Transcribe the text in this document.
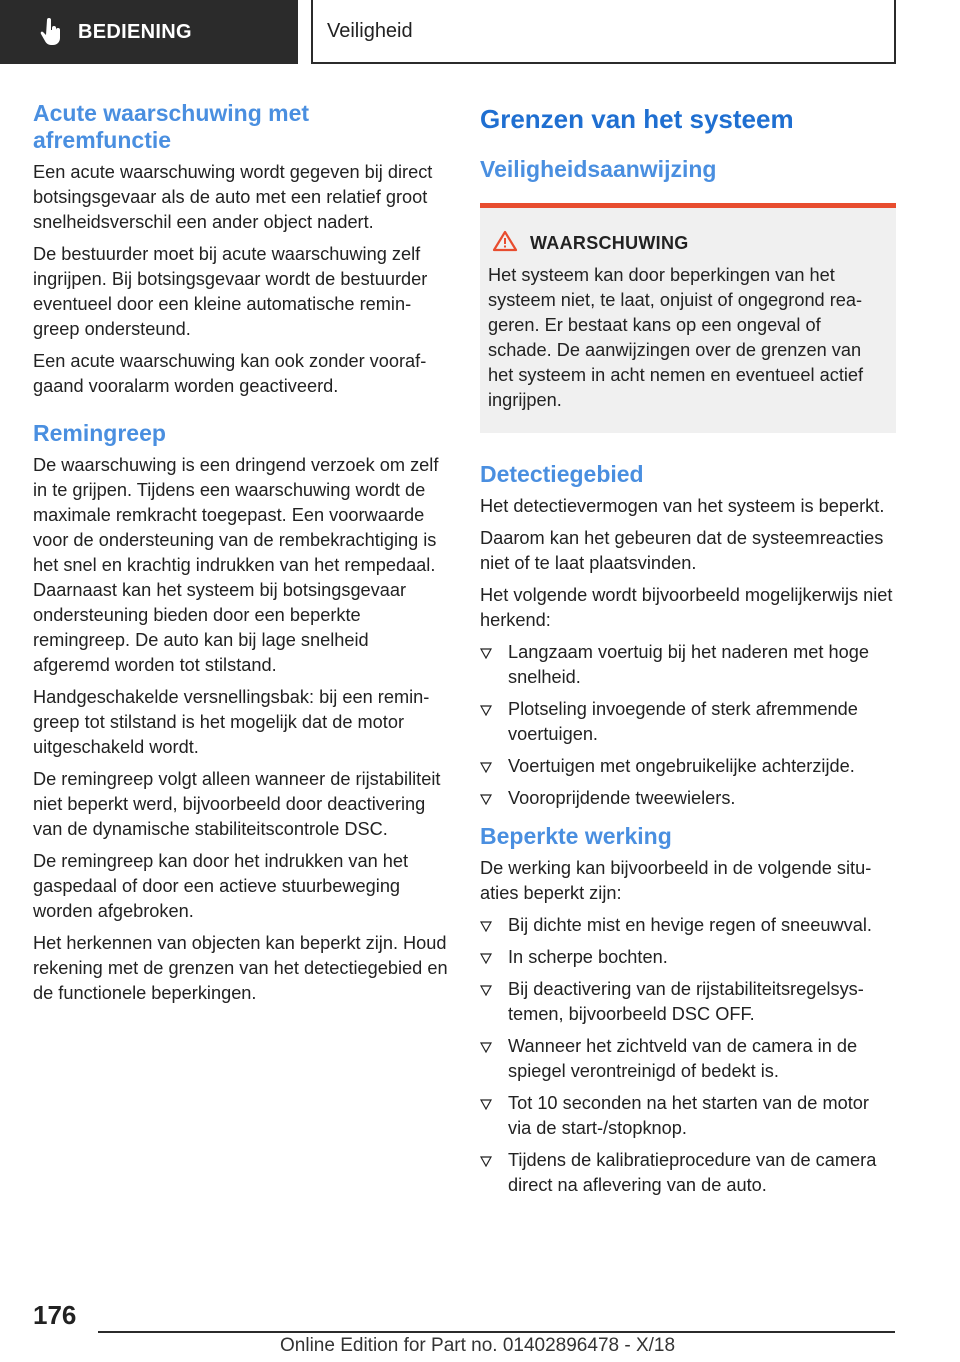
BEDIENING	Veiligheid
Acute waarschuwing met afremfunctie

Een acute waarschuwing wordt gegeven bij direct botsingsgevaar als de auto met een relatief groot snelheidsverschil een ander object nadert.

De bestuurder moet bij acute waarschuwing zelf ingrijpen. Bij botsingsgevaar wordt de bestuurder eventueel door een kleine automatische remingreep ondersteund.

Een acute waarschuwing kan ook zonder voorafgaand vooralarm worden geactiveerd.

Remingreep

De waarschuwing is een dringend verzoek om zelf in te grijpen. Tijdens een waarschuwing wordt de maximale remkracht toegepast. Een voorwaarde voor de ondersteuning van de rembekrachtiging is het snel en krachtig indrukken van het rempedaal. Daarnaast kan het systeem bij botsingsgevaar ondersteuning bieden door een beperkte remingreep. De auto kan bij lage snelheid afgeremd worden tot stilstand.

Handgeschakelde versnellingsbak: bij een remingreep tot stilstand is het mogelijk dat de motor uitgeschakeld wordt.

De remingreep volgt alleen wanneer de rijstabiliteit niet beperkt werd, bijvoorbeeld door deactivering van de dynamische stabiliteitscontrole DSC.

De remingreep kan door het indrukken van het gaspedaal of door een actieve stuurbeweging worden afgebroken.

Het herkennen van objecten kan beperkt zijn. Houd rekening met de grenzen van het detectiegebied en de functionele beperkingen.

Grenzen van het systeem
Veiligheidsaanwijzing
WAARSCHUWING

Het systeem kan door beperkingen van het systeem niet, te laat, onjuist of ongegrond reageren. Er bestaat kans op een ongeval of schade. De aanwijzingen over de grenzen van het systeem in acht nemen en eventueel actief ingrijpen.

Detectiegebied

Het detectievermogen van het systeem is beperkt.

Daarom kan het gebeuren dat de systeemreacties niet of te laat plaatsvinden.

Het volgende wordt bijvoorbeeld mogelijkerwijs niet herkend:

Langzaam voertuig bij het naderen met hoge snelheid.
Plotseling invoegende of sterk afremmende voertuigen.
Voertuigen met ongebruikelijke achterzijde.
Vooroprijdende tweewielers.
Beperkte werking

De werking kan bijvoorbeeld in de volgende situaties beperkt zijn:

Bij dichte mist en hevige regen of sneeuwval.
In scherpe bochten.
Bij deactivering van de rijstabiliteitsregelsystemen, bijvoorbeeld DSC OFF.
Wanneer het zichtveld van de camera in de spiegel verontreinigd of bedekt is.
Tot 10 seconden na het starten van de motor via de start-/stopknop.
Tijdens de kalibratieprocedure van de camera direct na aflevering van de auto.
176
Online Edition for Part no. 01402896478 - X/18
